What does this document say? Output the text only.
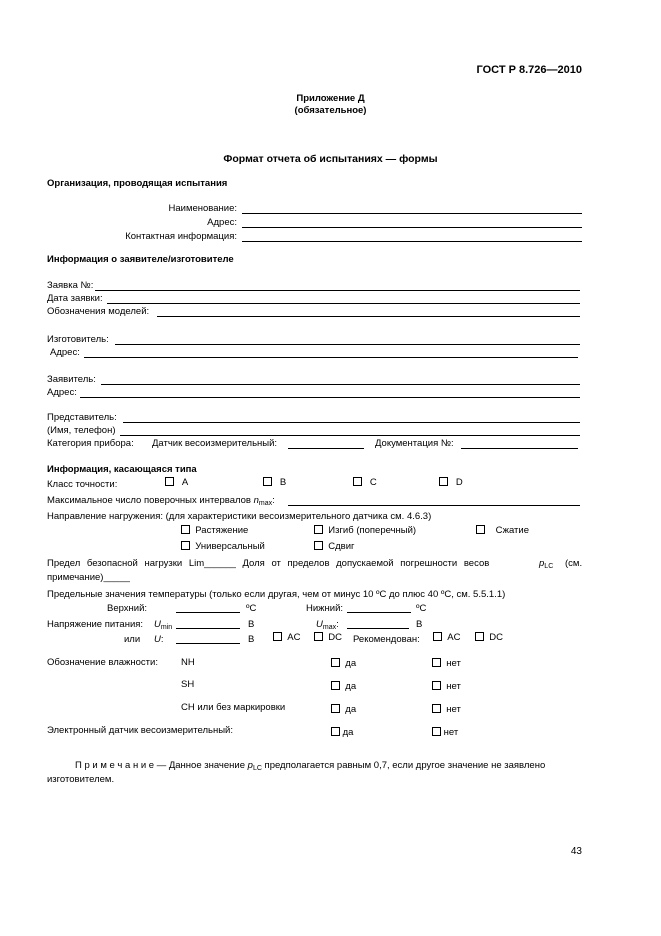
ГОСТ Р 8.726—2010
Приложение Д
(обязательное)
Формат отчета об испытаниях — формы
Организация, проводящая испытания
Наименование:
Адрес:
Контактная информация:
Информация о заявителе/изготовителе
Заявка №:
Дата заявки:
Обозначения моделей:
Изготовитель:
Адрес:
Заявитель:
Адрес:
Представитель:
(Имя, телефон)
Категория прибора: Датчик весоизмерительный:	Документация №:
Информация, касающаяся типа
Класс точности:	A	B	C	D
Максимальное число поверочных интервалов $n_{max}$:
Направление нагружения: (для характеристики весоизмерительного датчика см. 4.6.3)
Растяжение	Изгиб (поперечный)	Сжатие
Универсальный	Сдвиг
Предел безопасной нагрузки Lim______ Доля от пределов допускаемой погрешности весов	$p_{LC}$ (см.
примечание)_____
Предельные значения температуры (только если другая, чем от минус 10 ºС до плюс 40 ºС, см. 5.5.1.1)
Верхний:	ºС	Нижний:	ºС
Напряжение питания: $U_{min}$	В	$U_{max}$:	В
или U:	В	AC	DC Рекомендован:	AC	DC
Обозначение влажности: NH	да	нет
SH	да	нет
CH или без маркировки	да	нет
Электронный датчик весоизмерительный:	да	нет
П р и м е ч а н и е — Данное значение $p_{LC}$ предполагается равным 0,7, если другое значение не заявлено
изготовителем.
43
